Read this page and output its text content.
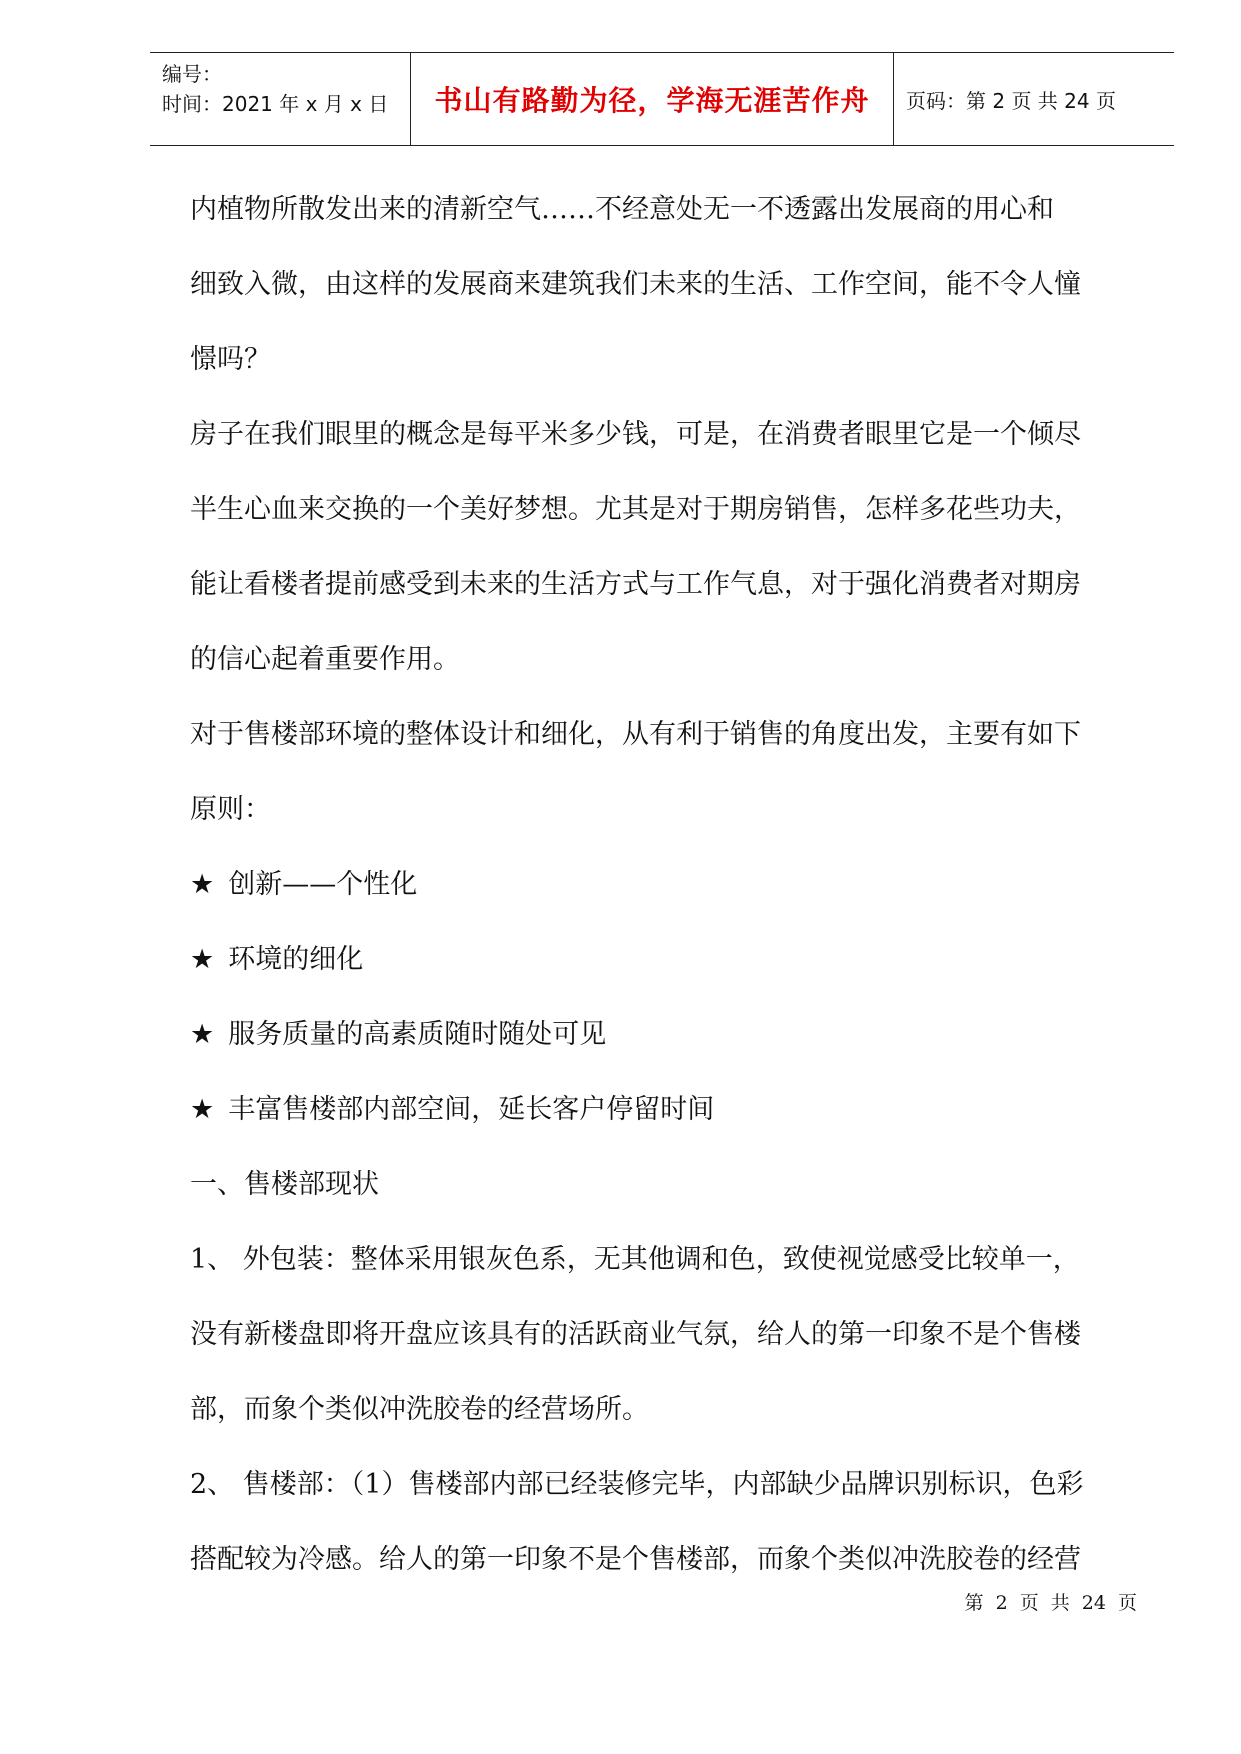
编号：
时间：2021 年 x 月 x 日	书山有路勤为径，学海无涯苦作舟 页码：第 2 页 共 24 页

内植物所散发出来的清新空气……不经意处无一不透露出发展商的用心和

细致入微，由这样的发展商来建筑我们未来的生活、工作空间，能不令人憧

憬吗？

房子在我们眼里的概念是每平米多少钱，可是，在消费者眼里它是一个倾尽

半生心血来交换的一个美好梦想。尤其是对于期房销售，怎样多花些功夫，

能让看楼者提前感受到未来的生活方式与工作气息，对于强化消费者对期房

的信心起着重要作用。

对于售楼部环境的整体设计和细化，从有利于销售的角度出发，主要有如下

原则：

★ 创新——个性化

★ 环境的细化

★ 服务质量的高素质随时随处可见

★ 丰富售楼部内部空间，延长客户停留时间

一、售楼部现状

1、 外包装：整体采用银灰色系，无其他调和色，致使视觉感受比较单一，

没有新楼盘即将开盘应该具有的活跃商业气氛，给人的第一印象不是个售楼

部，而象个类似冲洗胶卷的经营场所。

2、 售楼部：（1）售楼部内部已经装修完毕，内部缺少品牌识别标识，色彩

搭配较为冷感。给人的第一印象不是个售楼部，而象个类似冲洗胶卷的经营

第 2 页 共 24 页
